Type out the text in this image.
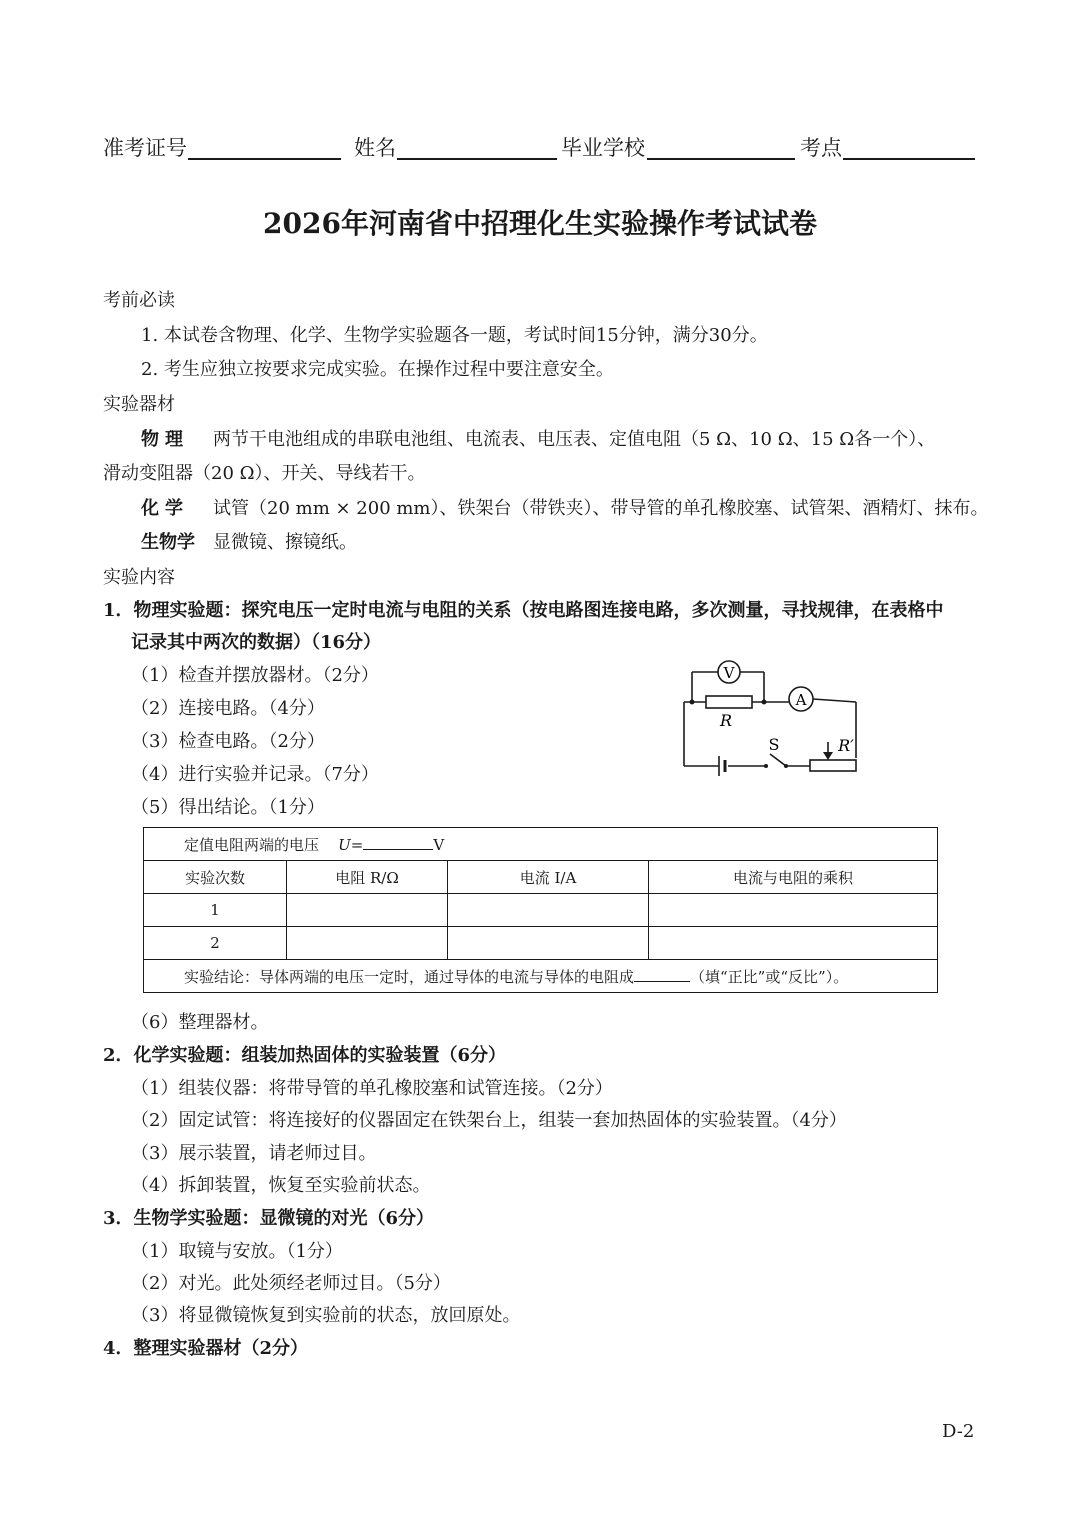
准考证号	姓名	毕业学校	考点
2026年河南省中招理化生实验操作考试试卷
考前必读
1. 本试卷含物理、化学、生物学实验题各一题，考试时间15分钟，满分30分。
2. 考生应独立按要求完成实验。在操作过程中要注意安全。
实验器材
物理 两节干电池组成的串联电池组、电流表、电压表、定值电阻（5 Ω、10 Ω、15 Ω各一个）、
滑动变阻器（20 Ω）、开关、导线若干。
化学 试管（20 mm × 200 mm）、铁架台（带铁夹）、带导管的单孔橡胶塞、试管架、酒精灯、抹布。
生物学 显微镜、擦镜纸。
实验内容
1．物理实验题：探究电压一定时电流与电阻的关系（按电路图连接电路，多次测量，寻找规律，在表格中
记录其中两次的数据）（16分）
（1）检查并摆放器材。（2分）
（2）连接电路。（4分）
（3）检查电路。（2分）
（4）进行实验并记录。（7分）
（5）得出结论。（1分）
V
A
R
S	R′
定值电阻两端的电压 U= V			
实验次数	电阻 R/Ω	电流 I/A	电流与电阻的乘积
1			
2			
实验结论：导体两端的电压一定时，通过导体的电流与导体的电阻成 （填“正比”或“反比”）。			
（6）整理器材。
2．化学实验题：组装加热固体的实验装置（6分）
（1）组装仪器：将带导管的单孔橡胶塞和试管连接。（2分）
（2）固定试管：将连接好的仪器固定在铁架台上，组装一套加热固体的实验装置。（4分）
（3）展示装置，请老师过目。
（4）拆卸装置，恢复至实验前状态。
3．生物学实验题：显微镜的对光（6分）
（1）取镜与安放。（1分）
（2）对光。此处须经老师过目。（5分）
（3）将显微镜恢复到实验前的状态，放回原处。
4．整理实验器材（2分）
D-2
